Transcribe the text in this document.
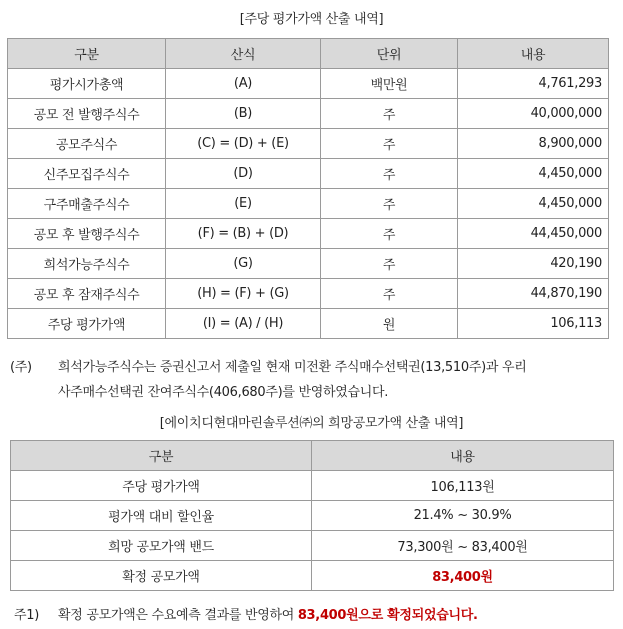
[주당 평가가액 산출 내역]
구분	산식	단위	내용
평가시가총액	(A)	백만원	4,761,293
공모 전 발행주식수	(B)	주	40,000,000
공모주식수	(C) = (D) + (E)	주	8,900,000
신주모집주식수	(D)	주	4,450,000
구주매출주식수	(E)	주	4,450,000
공모 후 발행주식수	(F) = (B) + (D)	주	44,450,000
희석가능주식수	(G)	주	420,190
공모 후 잠재주식수	(H) = (F) + (G)	주	44,870,190
주당 평가가액	(I) = (A) / (H)	원	106,113
(주) 희석가능주식수는 증권신고서 제출일 현재 미전환 주식매수선택권(13,510주)과 우리
사주매수선택권 잔여주식수(406,680주)를 반영하였습니다.
[에이치디현대마린솔루션㈜의 희망공모가액 산출 내역]
구분	내용
주당 평가가액	106,113원
평가액 대비 할인율	21.4% ~ 30.9%
희망 공모가액 밴드	73,300원 ~ 83,400원
확정 공모가액	83,400원
주1) 확정 공모가액은 수요예측 결과를 반영하여 83,400원으로 확정되었습니다.
